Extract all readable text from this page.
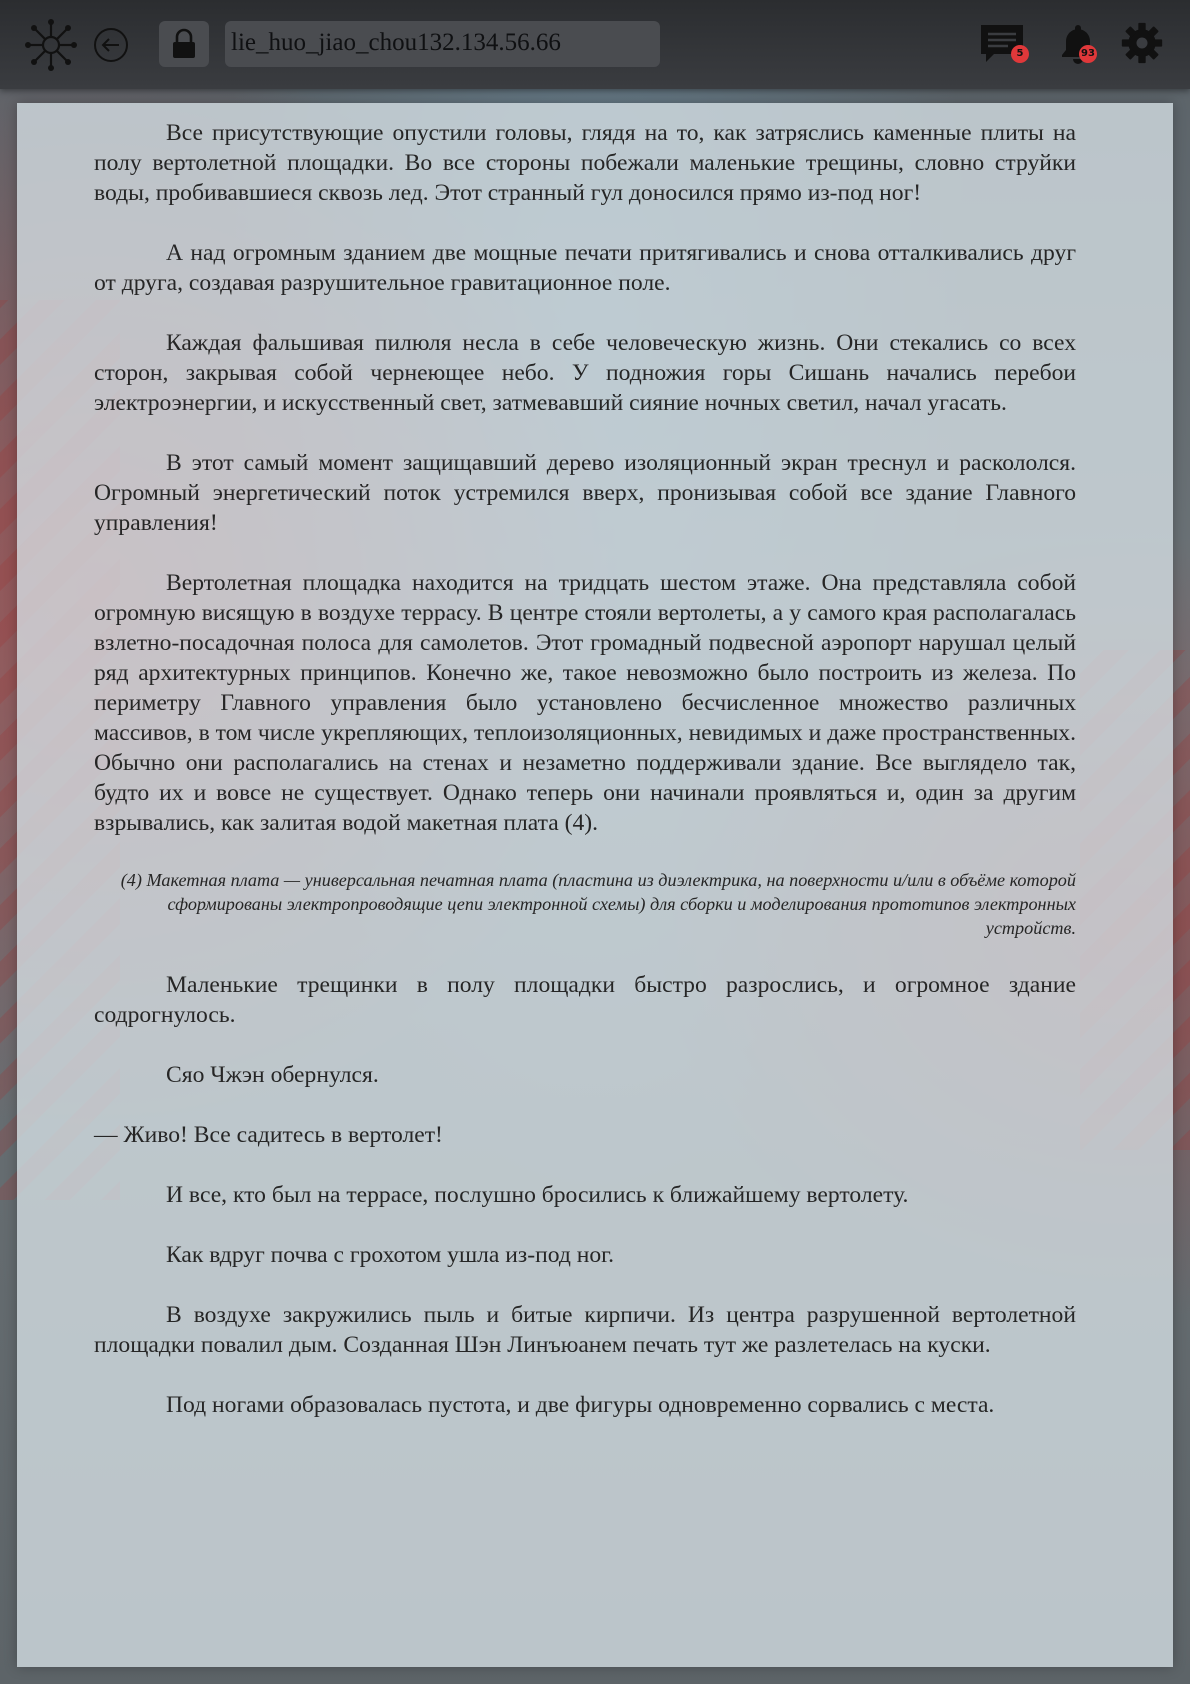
lie_huo_jiao_chou132.134.56.66	5	93

Все присутствующие опустили головы, глядя на то, как затряслись каменные плиты на полу вертолетной площадки. Во все стороны побежали маленькие трещины, словно струйки воды, пробивавшиеся сквозь лед. Этот странный гул доносился прямо из-под ног!

А над огромным зданием две мощные печати притягивались и снова отталкивались друг от друга, создавая разрушительное гравитационное поле.

Каждая фальшивая пилюля несла в себе человеческую жизнь. Они стекались со всех сторон, закрывая собой чернеющее небо. У подножия горы Сишань начались перебои электроэнергии, и искусственный свет, затмевавший сияние ночных светил, начал угасать.

В этот самый момент защищавший дерево изоляционный экран треснул и раскололся. Огромный энергетический поток устремился вверх, пронизывая собой все здание Главного управления!

Вертолетная площадка находится на тридцать шестом этаже. Она представляла собой огромную висящую в воздухе террасу. В центре стояли вертолеты, а у самого края располагалась взлетно-посадочная полоса для самолетов. Этот громадный подвесной аэропорт нарушал целый ряд архитектурных принципов. Конечно же, такое невозможно было построить из железа. По периметру Главного управления было установлено бесчисленное множество различных массивов, в том числе укрепляющих, теплоизоляционных, невидимых и даже пространственных. Обычно они располагались на стенах и незаметно поддерживали здание. Все выглядело так, будто их и вовсе не существует. Однако теперь они начинали проявляться и, один за другим взрывались, как залитая водой макетная плата (4).

(4) Макетная плата — универсальная печатная плата (пластина из диэлектрика, на поверхности и/или в объёме которой сформированы электропроводящие цепи электронной схемы) для сборки и моделирования прототипов электронных устройств.

Маленькие трещинки в полу площадки быстро разрослись, и огромное здание содрогнулось.

Сяо Чжэн обернулся.

— Живо! Все садитесь в вертолет!

И все, кто был на террасе, послушно бросились к ближайшему вертолету.

Как вдруг почва с грохотом ушла из-под ног.

В воздухе закружились пыль и битые кирпичи. Из центра разрушенной вертолетной площадки повалил дым. Созданная Шэн Линъюанем печать тут же разлетелась на куски.

Под ногами образовалась пустота, и две фигуры одновременно сорвались с места.
